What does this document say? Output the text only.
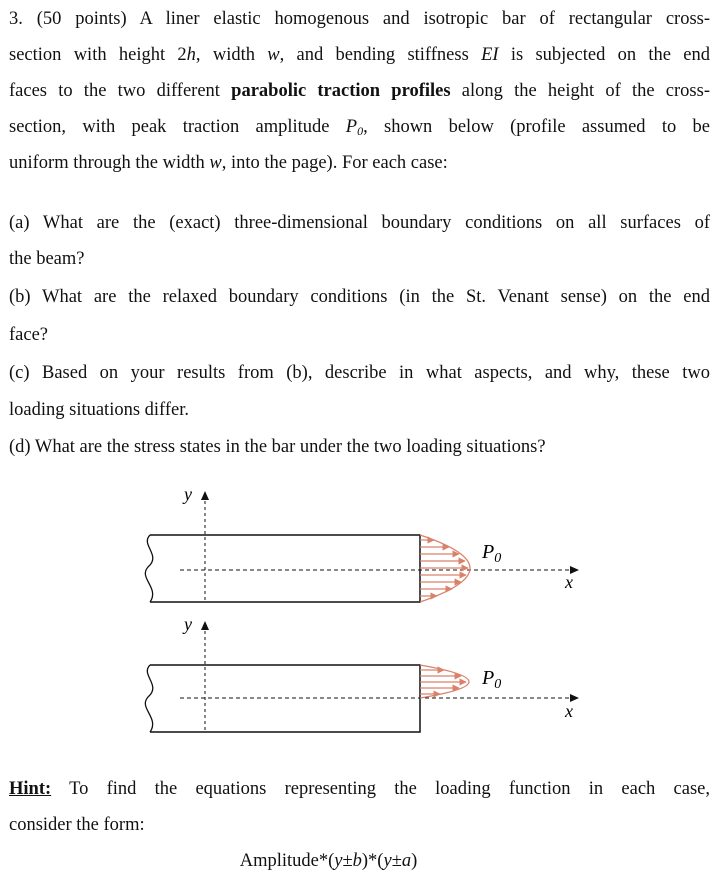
3. (50 points) A liner elastic homogenous and isotropic bar of rectangular cross-
section with height 2h, width w, and bending stiffness EI is subjected on the end
faces to the two different parabolic traction profiles along the height of the cross-
section, with peak traction amplitude $P_0$, shown below (profile assumed to be
uniform through the width w, into the page). For each case:
(a) What are the (exact) three-dimensional boundary conditions on all surfaces of
the beam?
(b) What are the relaxed boundary conditions (in the St. Venant sense) on the end
face?
(c) Based on your results from (b), describe in what aspects, and why, these two
loading situations differ.
(d) What are the stress states in the bar under the two loading situations?
y
x
$P_0$
y
x
$P_0$
Hint: To find the equations representing the loading function in each case,
consider the form:
Amplitude*(y±b)*(y±a)
